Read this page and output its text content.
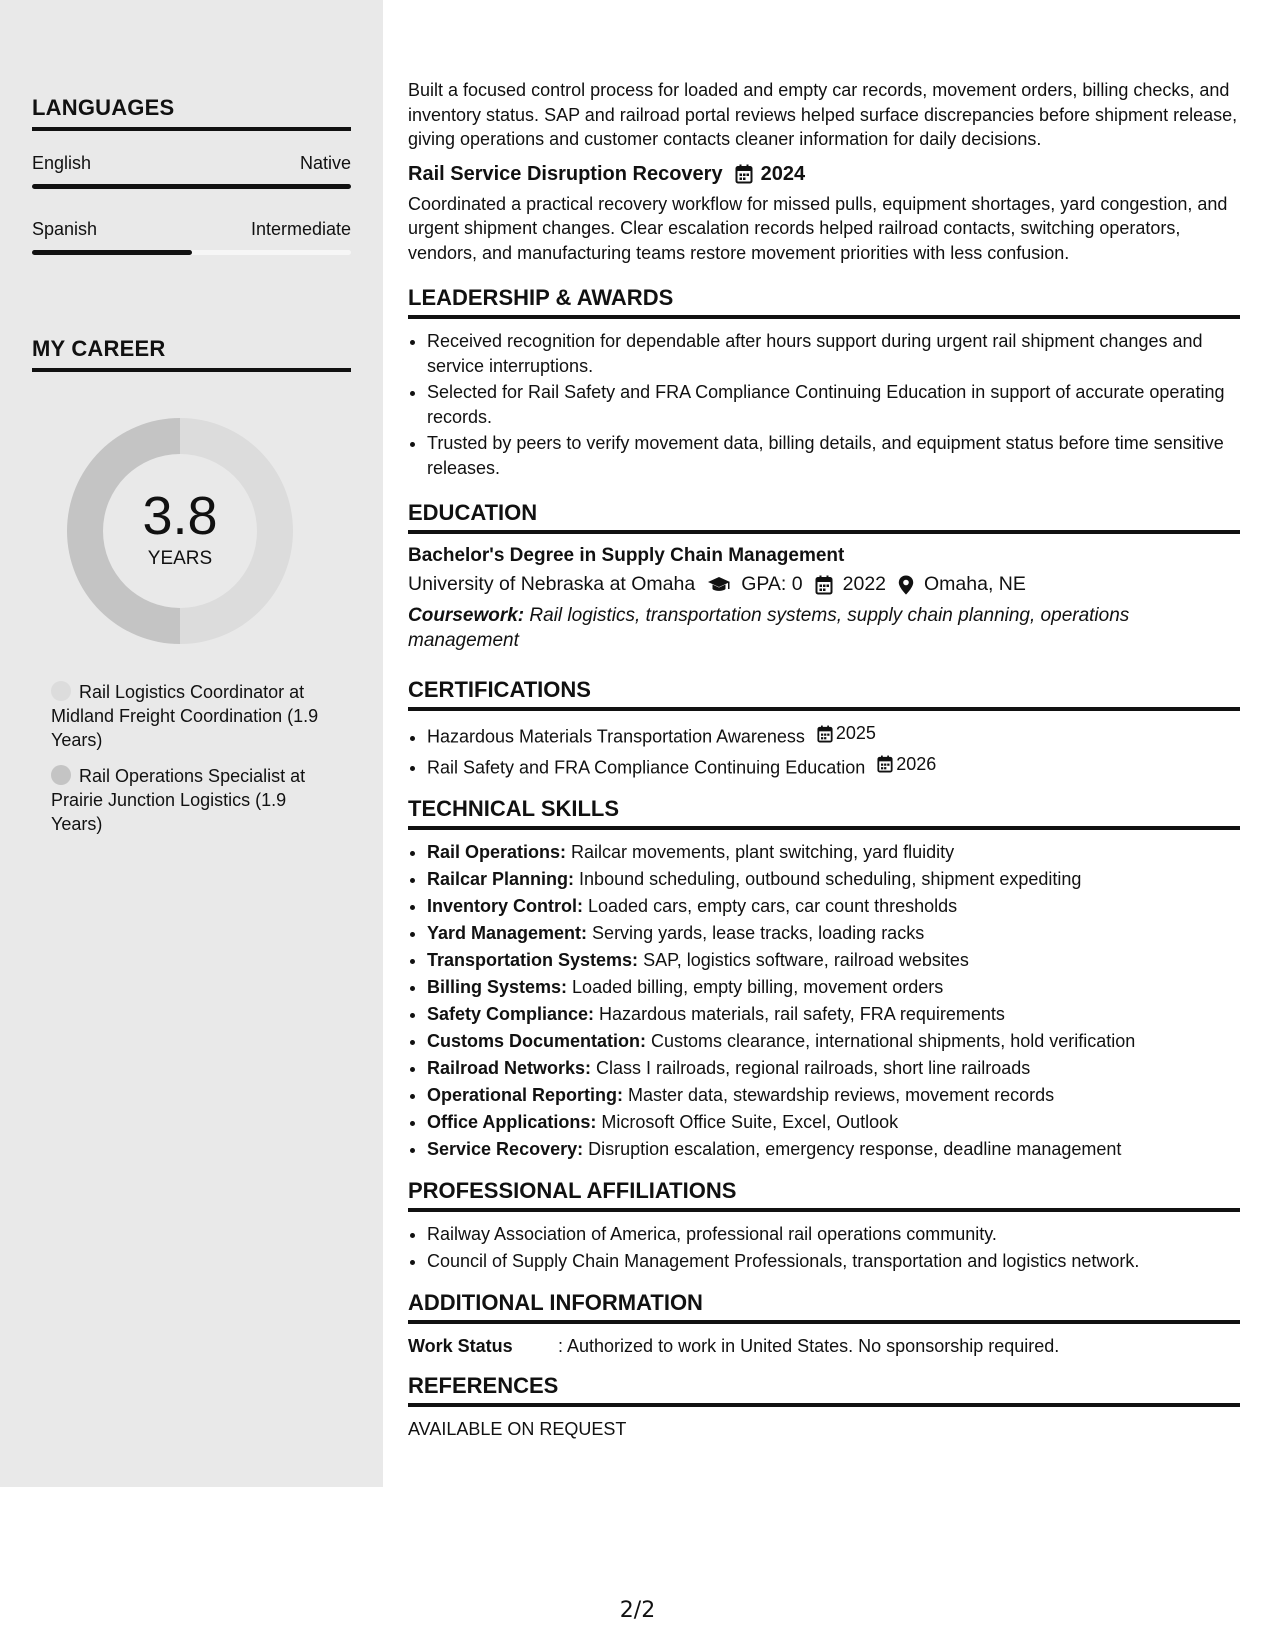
LANGUAGES
English	Native
Spanish	Intermediate
MY CAREER
3.8
YEARS
Rail Logistics Coordinator at Midland Freight Coordination (1.9 Years)
Rail Operations Specialist at Prairie Junction Logistics (1.9 Years)

Built a focused control process for loaded and empty car records, movement orders, billing checks, and inventory status. SAP and railroad portal reviews helped surface discrepancies before shipment release, giving operations and customer contacts cleaner information for daily decisions.

Rail Service Disruption Recovery 2024

Coordinated a practical recovery workflow for missed pulls, equipment shortages, yard congestion, and urgent shipment changes. Clear escalation records helped railroad contacts, switching operators, vendors, and manufacturing teams restore movement priorities with less confusion.

LEADERSHIP & AWARDS
• Received recognition for dependable after hours support during urgent rail shipment changes and service interruptions.
• Selected for Rail Safety and FRA Compliance Continuing Education in support of accurate operating records.
• Trusted by peers to verify movement data, billing details, and equipment status before time sensitive releases.
EDUCATION
Bachelor's Degree in Supply Chain Management
University of Nebraska at Omaha GPA: 0 2022 Omaha, NE
Coursework: Rail logistics, transportation systems, supply chain planning, operations management
CERTIFICATIONS
• Hazardous Materials Transportation Awareness 2025
• Rail Safety and FRA Compliance Continuing Education 2026
TECHNICAL SKILLS
• Rail Operations: Railcar movements, plant switching, yard fluidity
• Railcar Planning: Inbound scheduling, outbound scheduling, shipment expediting
• Inventory Control: Loaded cars, empty cars, car count thresholds
• Yard Management: Serving yards, lease tracks, loading racks
• Transportation Systems: SAP, logistics software, railroad websites
• Billing Systems: Loaded billing, empty billing, movement orders
• Safety Compliance: Hazardous materials, rail safety, FRA requirements
• Customs Documentation: Customs clearance, international shipments, hold verification
• Railroad Networks: Class I railroads, regional railroads, short line railroads
• Operational Reporting: Master data, stewardship reviews, movement records
• Office Applications: Microsoft Office Suite, Excel, Outlook
• Service Recovery: Disruption escalation, emergency response, deadline management
PROFESSIONAL AFFILIATIONS
• Railway Association of America, professional rail operations community.
• Council of Supply Chain Management Professionals, transportation and logistics network.
ADDITIONAL INFORMATION
Work Status	: Authorized to work in United States. No sponsorship required.
REFERENCES
AVAILABLE ON REQUEST
2/2
